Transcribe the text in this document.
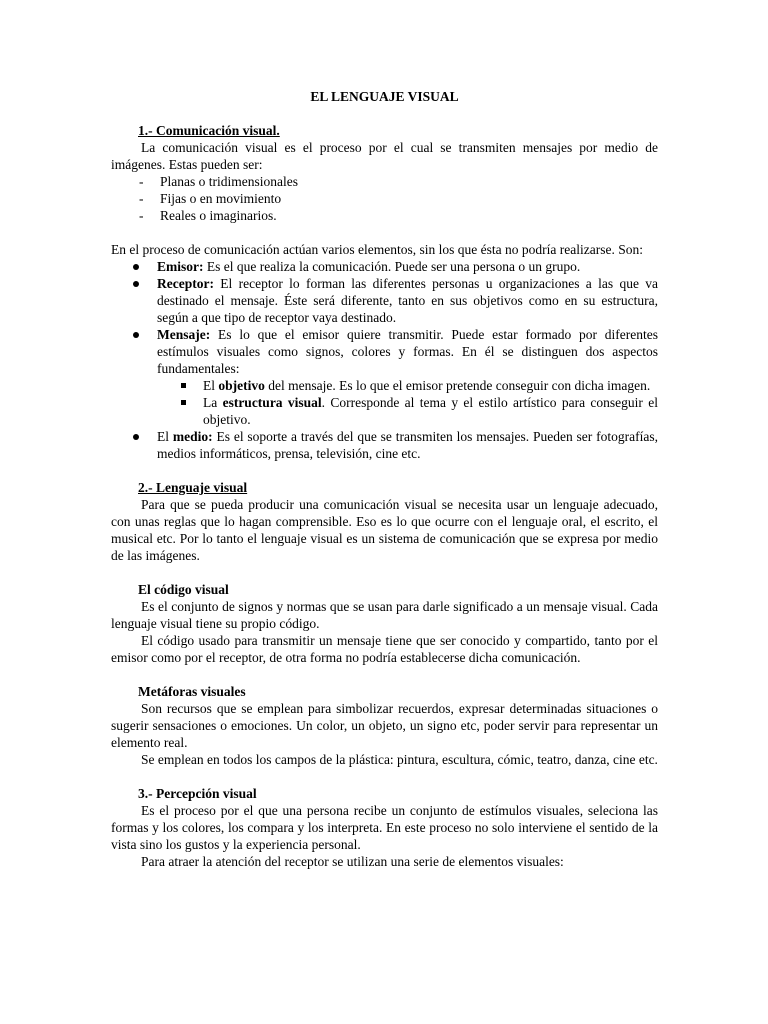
EL LENGUAJE VISUAL

1.- Comunicación visual.

La comunicación visual es el proceso por el cual se transmiten mensajes por medio de imágenes. Estas pueden ser:

- Planas o tridimensionales
- Fijas o en movimiento
- Reales o imaginarios.

En el proceso de comunicación actúan varios elementos, sin los que ésta no podría realizarse. Son:

Emisor: Es el que realiza la comunicación. Puede ser una persona o un grupo.
Receptor: El receptor lo forman las diferentes personas u organizaciones a las que va destinado el mensaje. Éste será diferente, tanto en sus objetivos como en su estructura, según a que tipo de receptor vaya destinado.
Mensaje: Es lo que el emisor quiere transmitir. Puede estar formado por diferentes estímulos visuales como signos, colores y formas. En él se distinguen dos aspectos fundamentales:
El objetivo del mensaje. Es lo que el emisor pretende conseguir con dicha imagen.
La estructura visual. Corresponde al tema y el estilo artístico para conseguir el objetivo.
El medio: Es el soporte a través del que se transmiten los mensajes. Pueden ser fotografías, medios informáticos, prensa, televisión, cine etc.

2.- Lenguaje visual

Para que se pueda producir una comunicación visual se necesita usar un lenguaje adecuado, con unas reglas que lo hagan comprensible. Eso es lo que ocurre con el lenguaje oral, el escrito, el musical etc. Por lo tanto el lenguaje visual es un sistema de comunicación que se expresa por medio de las imágenes.

El código visual

Es el conjunto de signos y normas que se usan para darle significado a un mensaje visual. Cada lenguaje visual tiene su propio código.

El código usado para transmitir un mensaje tiene que ser conocido y compartido, tanto por el emisor como por el receptor, de otra forma no podría establecerse dicha comunicación.

Metáforas visuales

Son recursos que se emplean para simbolizar recuerdos, expresar determinadas situaciones o sugerir sensaciones o emociones. Un color, un objeto, un signo etc, poder servir para representar un elemento real.

Se emplean en todos los campos de la plástica: pintura, escultura, cómic, teatro, danza, cine etc.

3.- Percepción visual

Es el proceso por el que una persona recibe un conjunto de estímulos visuales, seleciona las formas y los colores, los compara y los interpreta. En este proceso no solo interviene el sentido de la vista sino los gustos y la experiencia personal.

Para atraer la atención del receptor se utilizan una serie de elementos visuales:
